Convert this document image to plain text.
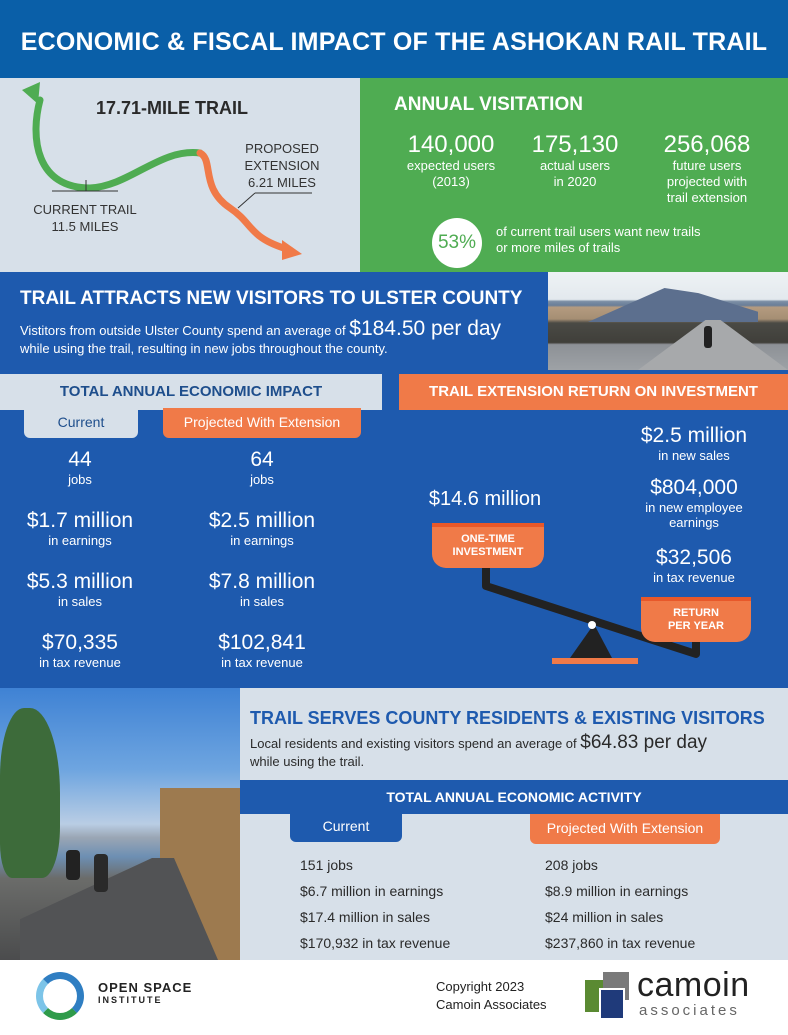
ECONOMIC & FISCAL IMPACT OF THE ASHOKAN RAIL TRAIL
17.71-MILE TRAIL
PROPOSED
EXTENSION
6.21 MILES
CURRENT TRAIL
11.5 MILES
ANNUAL VISITATION
140,000
expected users
(2013)
175,130
actual users
in 2020
256,068
future users
projected with
trail extension
53%
of current trail users want new trails
or more miles of trails
TRAIL ATTRACTS NEW VISITORS TO ULSTER COUNTY
Vistitors from outside Ulster County spend an average of $184.50 per day
while using the trail, resulting in new jobs throughout the county.
TOTAL ANNUAL ECONOMIC IMPACT
Current	Projected With Extension
44
jobs
$1.7 million
in earnings
$5.3 million
in sales
$70,335
in tax revenue
64
jobs
$2.5 million
in earnings
$7.8 million
in sales
$102,841
in tax revenue
TRAIL EXTENSION RETURN ON INVESTMENT
$14.6 million
$2.5 million
in new sales
$804,000
in new employee
earnings
$32,506
in tax revenue
ONE-TIME
INVESTMENT
RETURN
PER YEAR
TRAIL SERVES COUNTY RESIDENTS & EXISTING VISITORS
Local residents and existing visitors spend an average of $64.83 per day
while using the trail.
TOTAL ANNUAL ECONOMIC ACTIVITY
Current	Projected With Extension
151 jobs
$6.7 million in earnings
$17.4 million in sales
$170,932 in tax revenue
208 jobs
$8.9 million in earnings
$24 million in sales
$237,860 in tax revenue
OPEN SPACE
INSTITUTE
Copyright 2023
Camoin Associates
camoin
associates
